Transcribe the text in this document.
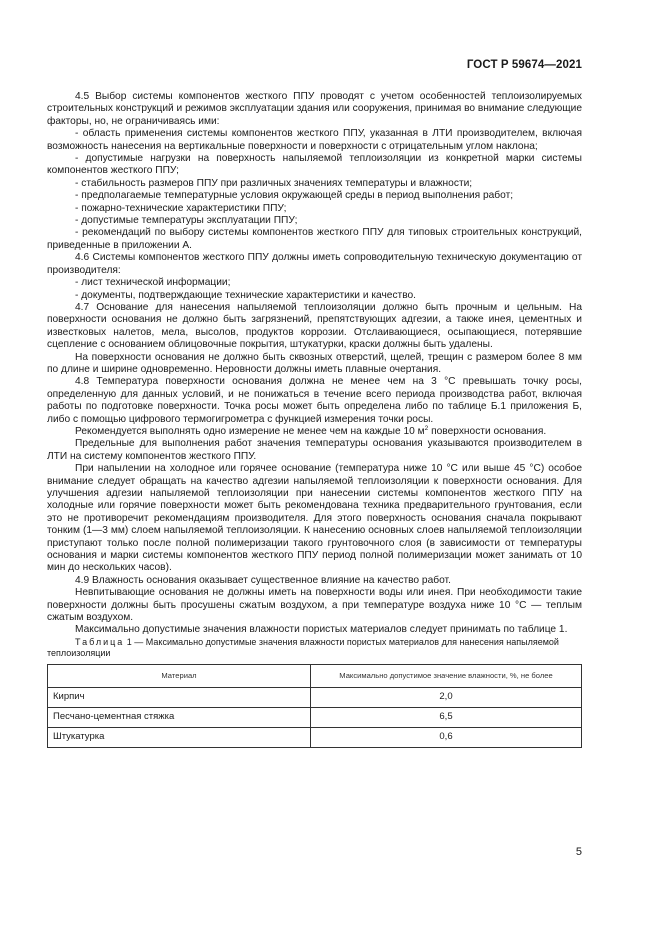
ГОСТ Р 59674—2021

4.5 Выбор системы компонентов жесткого ППУ проводят с учетом особенностей теплоизолируемых строительных конструкций и режимов эксплуатации здания или сооружения, принимая во внимание следующие факторы, но, не ограничиваясь ими:

- область применения системы компонентов жесткого ППУ, указанная в ЛТИ производителем, включая возможность нанесения на вертикальные поверхности и поверхности с отрицательным углом наклона;

- допустимые нагрузки на поверхность напыляемой теплоизоляции из конкретной марки системы компонентов жесткого ППУ;

- стабильность размеров ППУ при различных значениях температуры и влажности;

- предполагаемые температурные условия окружающей среды в период выполнения работ;

- пожарно-технические характеристики ППУ;

- допустимые температуры эксплуатации ППУ;

- рекомендаций по выбору системы компонентов жесткого ППУ для типовых строительных конструкций, приведенные в приложении А.

4.6 Системы компонентов жесткого ППУ должны иметь сопроводительную техническую документацию от производителя:

- лист технической информации;

- документы, подтверждающие технические характеристики и качество.

4.7 Основание для нанесения напыляемой теплоизоляции должно быть прочным и цельным. На поверхности основания не должно быть загрязнений, препятствующих адгезии, а также инея, цементных и известковых налетов, мела, высолов, продуктов коррозии. Отслаивающиеся, осыпающиеся, потерявшие сцепление с основанием облицовочные покрытия, штукатурки, краски должны быть удалены.

На поверхности основания не должно быть сквозных отверстий, щелей, трещин с размером более 8 мм по длине и ширине одновременно. Неровности должны иметь плавные очертания.

4.8 Температура поверхности основания должна не менее чем на 3 °С превышать точку росы, определенную для данных условий, и не понижаться в течение всего периода производства работ, включая работы по подготовке поверхности. Точка росы может быть определена либо по таблице Б.1 приложения Б, либо с помощью цифрового термогигрометра с функцией измерения точки росы.

Рекомендуется выполнять одно измерение не менее чем на каждые 10 $м^2$ поверхности основания.

Предельные для выполнения работ значения температуры основания указываются производителем в ЛТИ на систему компонентов жесткого ППУ.

При напылении на холодное или горячее основание (температура ниже 10 °С или выше 45 °С) особое внимание следует обращать на качество адгезии напыляемой теплоизоляции к поверхности основания. Для улучшения адгезии напыляемой теплоизоляции при нанесении системы компонентов жесткого ППУ на холодные или горячие поверхности может быть рекомендована техника предварительного грунтования, если это не противоречит рекомендациям производителя. Для этого поверхность основания сначала покрывают тонким (1—3 мм) слоем напыляемой теплоизоляции. К нанесению основных слоев напыляемой теплоизоляции приступают только после полной полимеризации такого грунтовочного слоя (в зависимости от температуры основания и марки системы компонентов жесткого ППУ период полной полимеризации может занимать от 10 мин до нескольких часов).

4.9 Влажность основания оказывает существенное влияние на качество работ.

Невпитывающие основания не должны иметь на поверхности воды или инея. При необходимости такие поверхности должны быть просушены сжатым воздухом, а при температуре воздуха ниже 10 °С — теплым сжатым воздухом.

Максимально допустимые значения влажности пористых материалов следует принимать по таблице 1.

Таблица 1 — Максимально допустимые значения влажности пористых материалов для нанесения напыляемой теплоизоляции

Материал	Максимально допустимое значение влажности, %, не более
Кирпич	2,0
Песчано-цементная стяжка	6,5
Штукатурка	0,6
5
